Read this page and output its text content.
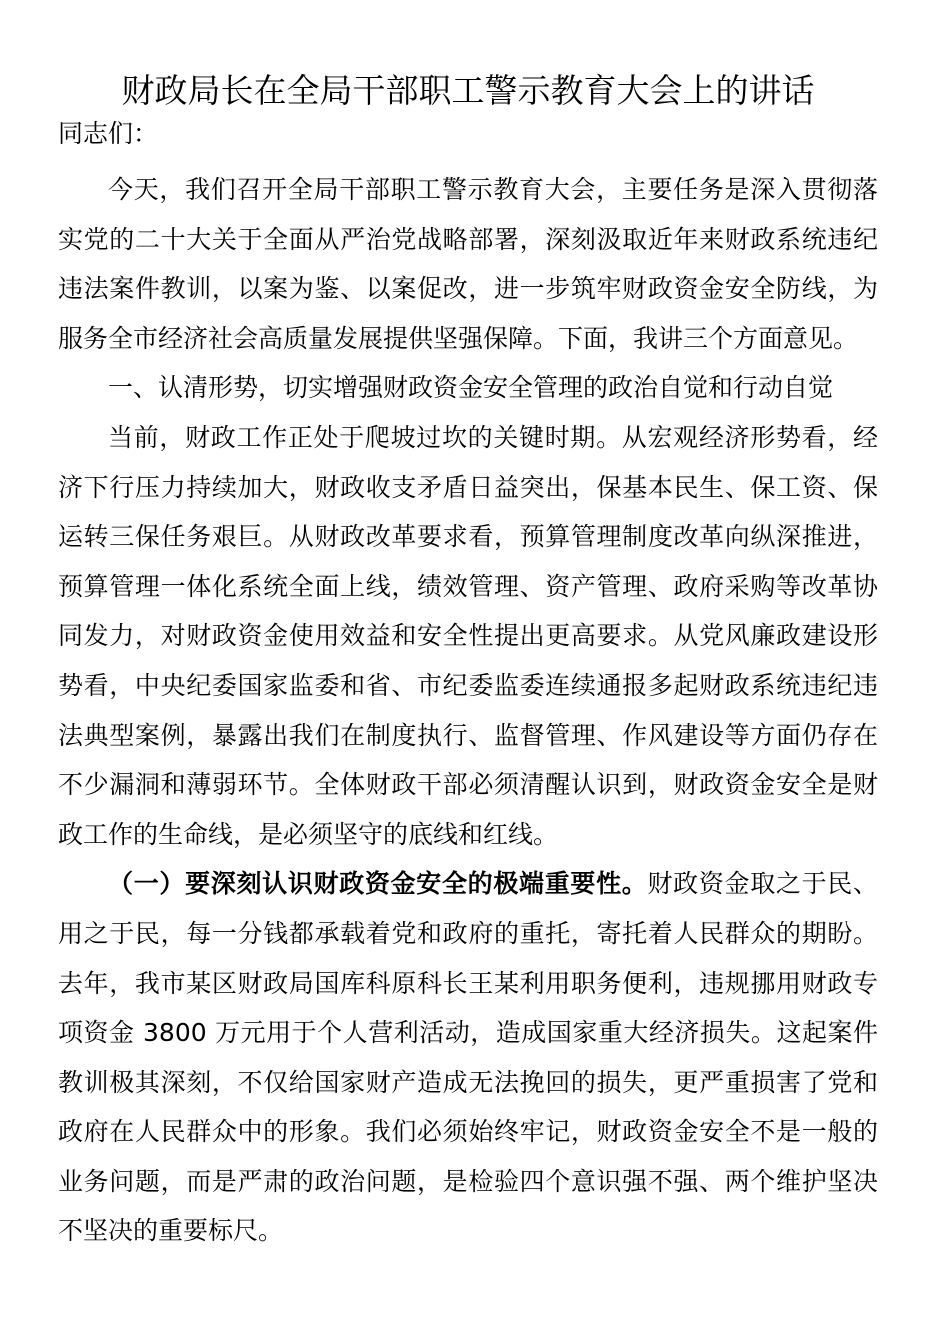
财政局长在全局干部职工警示教育大会上的讲话

同志们：

今天，我们召开全局干部职工警示教育大会，主要任务是深入贯彻落实党的二十大关于全面从严治党战略部署，深刻汲取近年来财政系统违纪违法案件教训，以案为鉴、以案促改，进一步筑牢财政资金安全防线，为服务全市经济社会高质量发展提供坚强保障。下面，我讲三个方面意见。

一、认清形势，切实增强财政资金安全管理的政治自觉和行动自觉

当前，财政工作正处于爬坡过坎的关键时期。从宏观经济形势看，经济下行压力持续加大，财政收支矛盾日益突出，保基本民生、保工资、保运转三保任务艰巨。从财政改革要求看，预算管理制度改革向纵深推进，预算管理一体化系统全面上线，绩效管理、资产管理、政府采购等改革协同发力，对财政资金使用效益和安全性提出更高要求。从党风廉政建设形势看，中央纪委国家监委和省、市纪委监委连续通报多起财政系统违纪违法典型案例，暴露出我们在制度执行、监督管理、作风建设等方面仍存在不少漏洞和薄弱环节。全体财政干部必须清醒认识到，财政资金安全是财政工作的生命线，是必须坚守的底线和红线。

（一）要深刻认识财政资金安全的极端重要性。财政资金取之于民、用之于民，每一分钱都承载着党和政府的重托，寄托着人民群众的期盼。去年，我市某区财政局国库科原科长王某利用职务便利，违规挪用财政专项资金 3800 万元用于个人营利活动，造成国家重大经济损失。这起案件教训极其深刻，不仅给国家财产造成无法挽回的损失，更严重损害了党和政府在人民群众中的形象。我们必须始终牢记，财政资金安全不是一般的业务问题，而是严肃的政治问题，是检验四个意识强不强、两个维护坚决不坚决的重要标尺。
